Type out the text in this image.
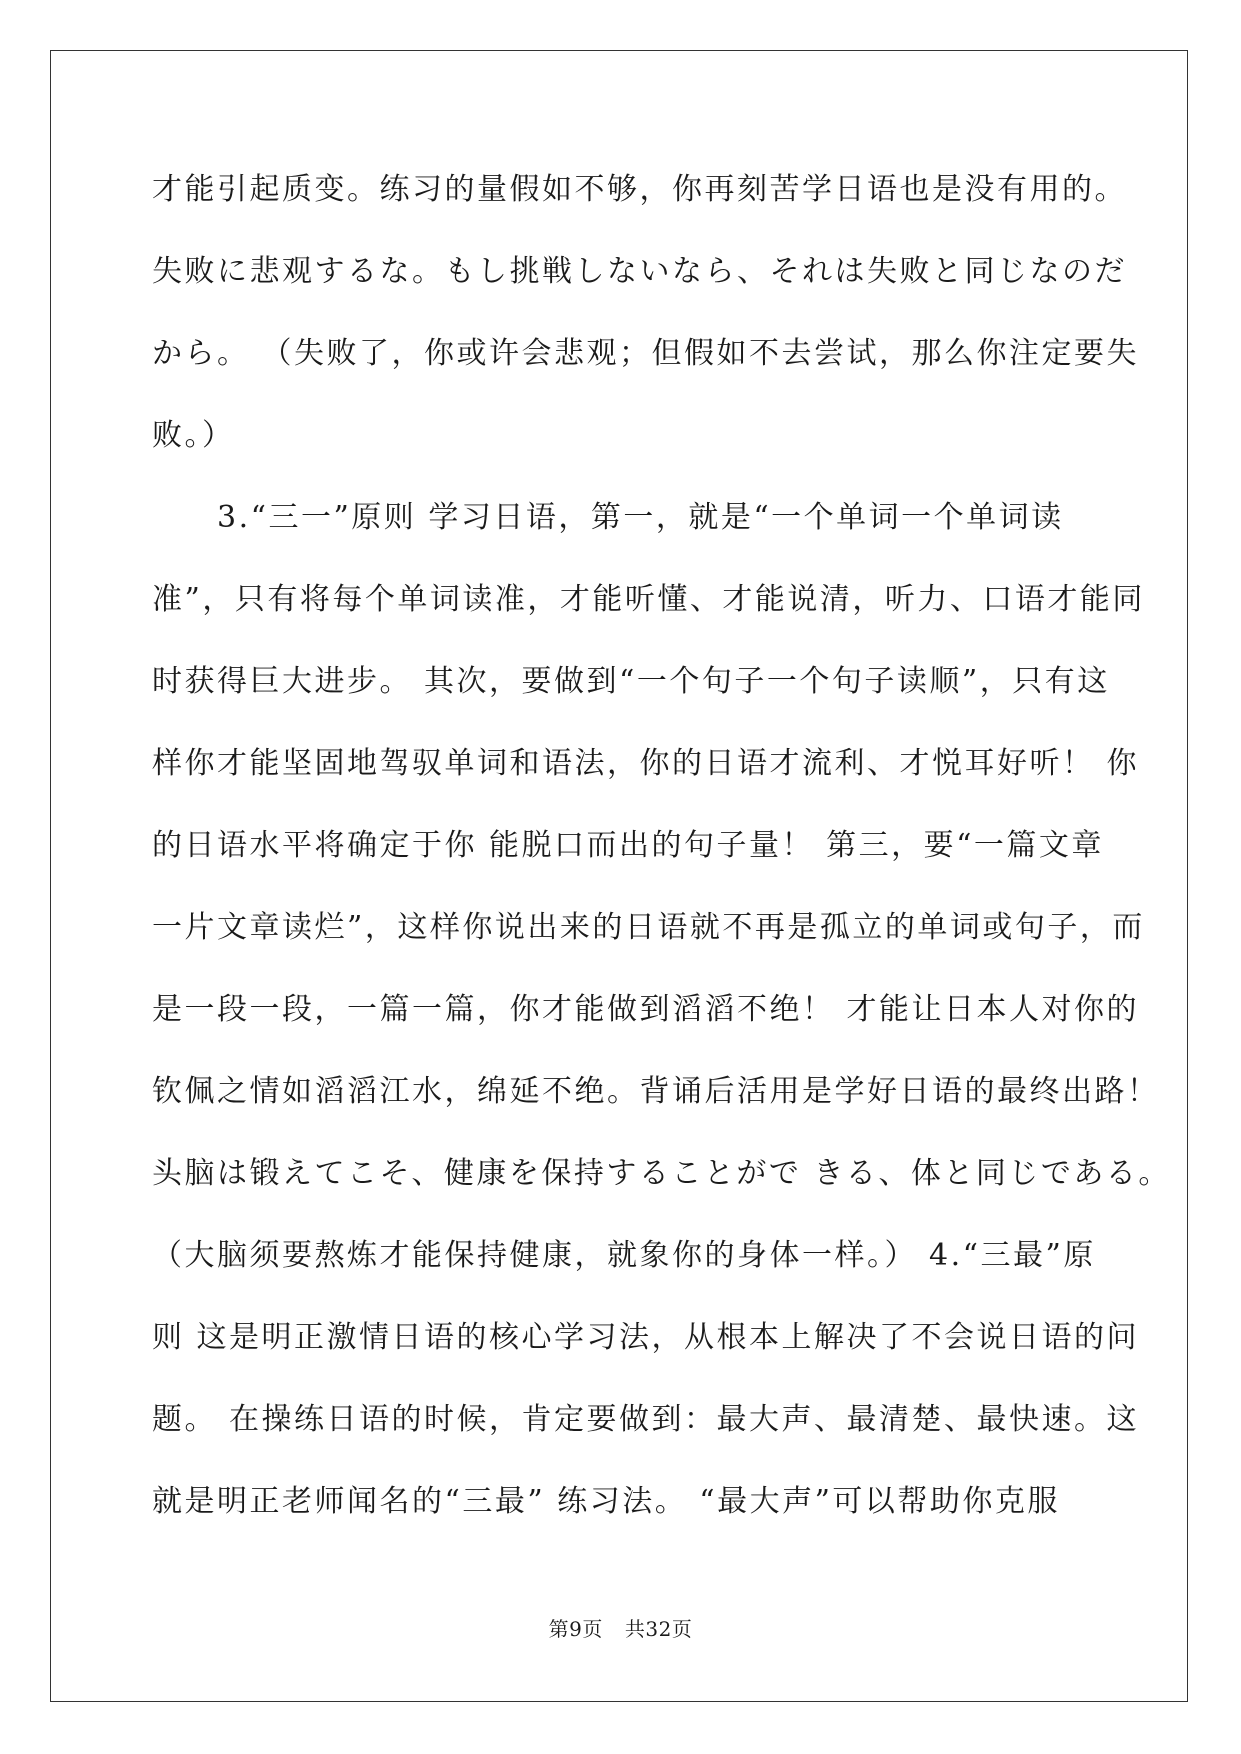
才能引起质变。练习的量假如不够，你再刻苦学日语也是没有用的。
失败に悲观するな。もし挑戦しないなら、それは失败と同じなのだ
から。 （失败了，你或许会悲观；但假如不去尝试，那么你注定要失
败。）
　　3.“三一”原则 学习日语，第一，就是“一个单词一个单词读
准”，只有将每个单词读准，才能听懂、才能说清，听力、口语才能同
时获得巨大进步。 其次，要做到“一个句子一个句子读顺”，只有这
样你才能坚固地驾驭单词和语法，你的日语才流利、才悦耳好听！ 你
的日语水平将确定于你 能脱口而出的句子量！ 第三，要“一篇文章
一片文章读烂”，这样你说出来的日语就不再是孤立的单词或句子，而
是一段一段，一篇一篇，你才能做到滔滔不绝！ 才能让日本人对你的
钦佩之情如滔滔江水，绵延不绝。背诵后活用是学好日语的最终出路！
头脑は锻えてこそ、健康を保持することがで きる、体と同じである。
（大脑须要熬炼才能保持健康，就象你的身体一样。） 4.“三最”原
则 这是明正激情日语的核心学习法，从根本上解决了不会说日语的问
题。 在操练日语的时候，肯定要做到：最大声、最清楚、最快速。这
就是明正老师闻名的“三最” 练习法。 “最大声”可以帮助你克服
第9页 共32页
